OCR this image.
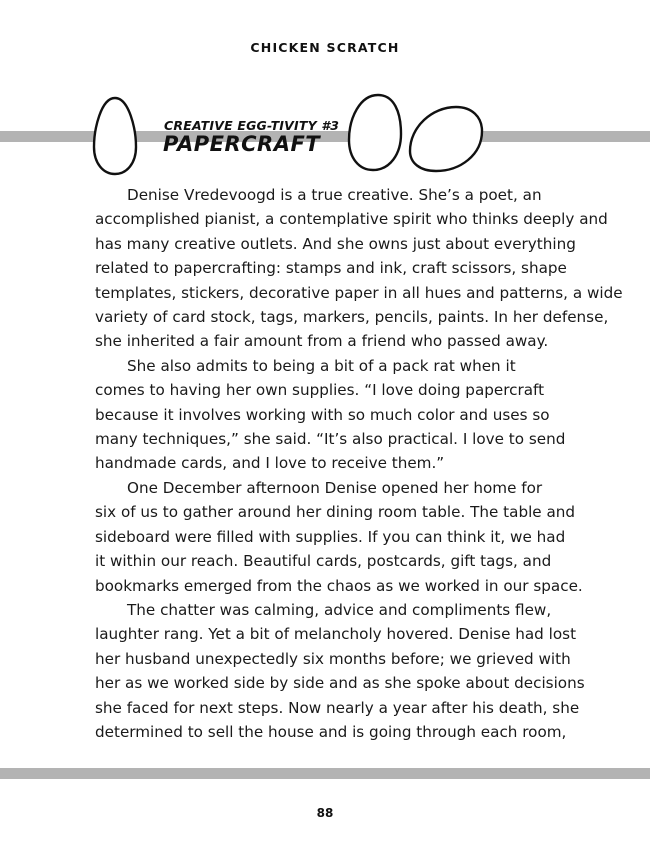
CHICKEN SCRATCH
CREATIVE EGG-TIVITY #3
PAPERCRAFT
Denise Vredevoogd is a true creative. She’s a poet, an
accomplished pianist, a contemplative spirit who thinks deeply and
has many creative outlets. And she owns just about everything
related to papercrafting: stamps and ink, craft scissors, shape
templates, stickers, decorative paper in all hues and patterns, a wide
variety of card stock, tags, markers, pencils, paints. In her defense,
she inherited a fair amount from a friend who passed away.
She also admits to being a bit of a pack rat when it
comes to having her own supplies. “I love doing papercraft
because it involves working with so much color and uses so
many techniques,” she said. “It’s also practical. I love to send
handmade cards, and I love to receive them.”
One December afternoon Denise opened her home for
six of us to gather around her dining room table. The table and
sideboard were filled with supplies. If you can think it, we had
it within our reach. Beautiful cards, postcards, gift tags, and
bookmarks emerged from the chaos as we worked in our space.
The chatter was calming, advice and compliments flew,
laughter rang. Yet a bit of melancholy hovered. Denise had lost
her husband unexpectedly six months before; we grieved with
her as we worked side by side and as she spoke about decisions
she faced for next steps. Now nearly a year after his death, she
determined to sell the house and is going through each room,
88
